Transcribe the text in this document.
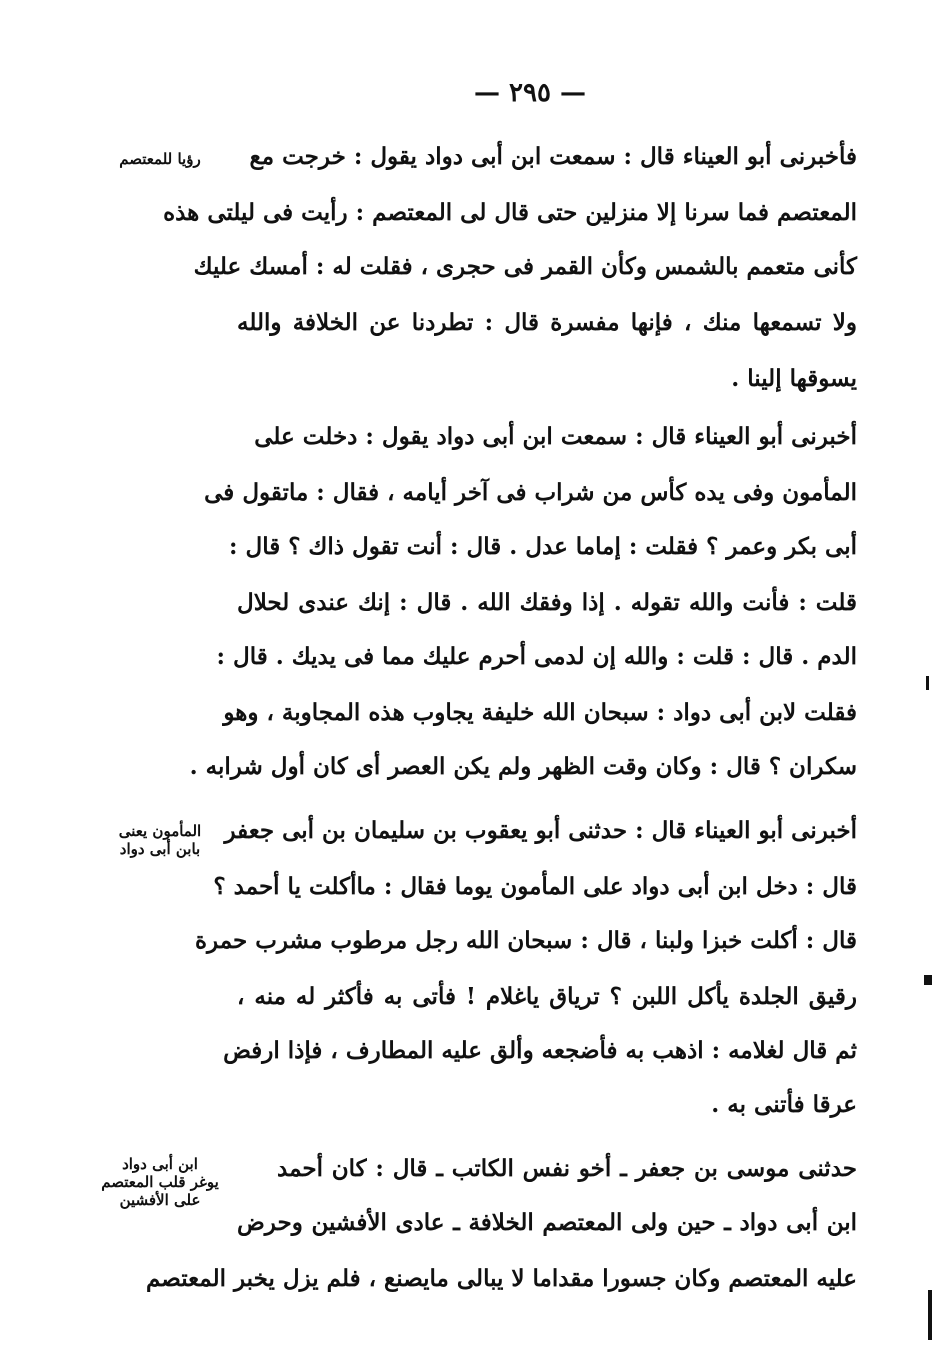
— ٢٩٥ —
رؤيا للمعتصم
المأمون يعنى
بابن أبى دواد
ابن أبى دواد
يوغر قلب المعتصم
على الأفشين
فأخبرنى أبو العيناء قال : سمعت ابن أبى دواد يقول : خرجت مع
المعتصم فما سرنا إلا منزلين حتى قال لى المعتصم : رأيت فى ليلتى هذه
كأنى متعمم بالشمس وكأن القمر فى حجرى ، فقلت له : أمسك عليك
ولا تسمعها منك ، فإنها مفسرة قال : تطردنا عن الخلافة والله
يسوقها إلينا .
أخبرنى أبو العيناء قال : سمعت ابن أبى دواد يقول : دخلت على
المأمون وفى يده كأس من شراب فى آخر أيامه ، فقال : ماتقول فى
أبى بكر وعمر ؟ فقلت : إماما عدل . قال : أنت تقول ذاك ؟ قال :
قلت : فأنت والله تقوله . إذا وفقك الله . قال : إنك عندى لحلال
الدم . قال : قلت : والله إن لدمى أحرم عليك مما فى يديك . قال :
فقلت لابن أبى دواد : سبحان الله خليفة يجاوب هذه المجاوبة ، وهو
سكران ؟ قال : وكان وقت الظهر ولم يكن العصر أى كان أول شرابه .
أخبرنى أبو العيناء قال : حدثنى أبو يعقوب بن سليمان بن أبى جعفر
قال : دخل ابن أبى دواد على المأمون يوما فقال : ماأكلت يا أحمد ؟
قال : أكلت خبزا ولبنا ، قال : سبحان الله رجل مرطوب مشرب حمرة
رقيق الجلدة يأكل اللبن ؟ ترياق ياغلام ! فأتى به فأكثر له منه ،
ثم قال لغلامه : اذهب به فأضجعه وألق عليه المطارف ، فإذا ارفض
عرقا فأتنى به .
حدثنى موسى بن جعفر ـ أخو نفس الكاتب ـ قال : كان أحمد
ابن أبى دواد ـ حين ولى المعتصم الخلافة ـ عادى الأفشين وحرض
عليه المعتصم وكان جسورا مقداما لا يبالى مايصنع ، فلم يزل يخبر المعتصم
